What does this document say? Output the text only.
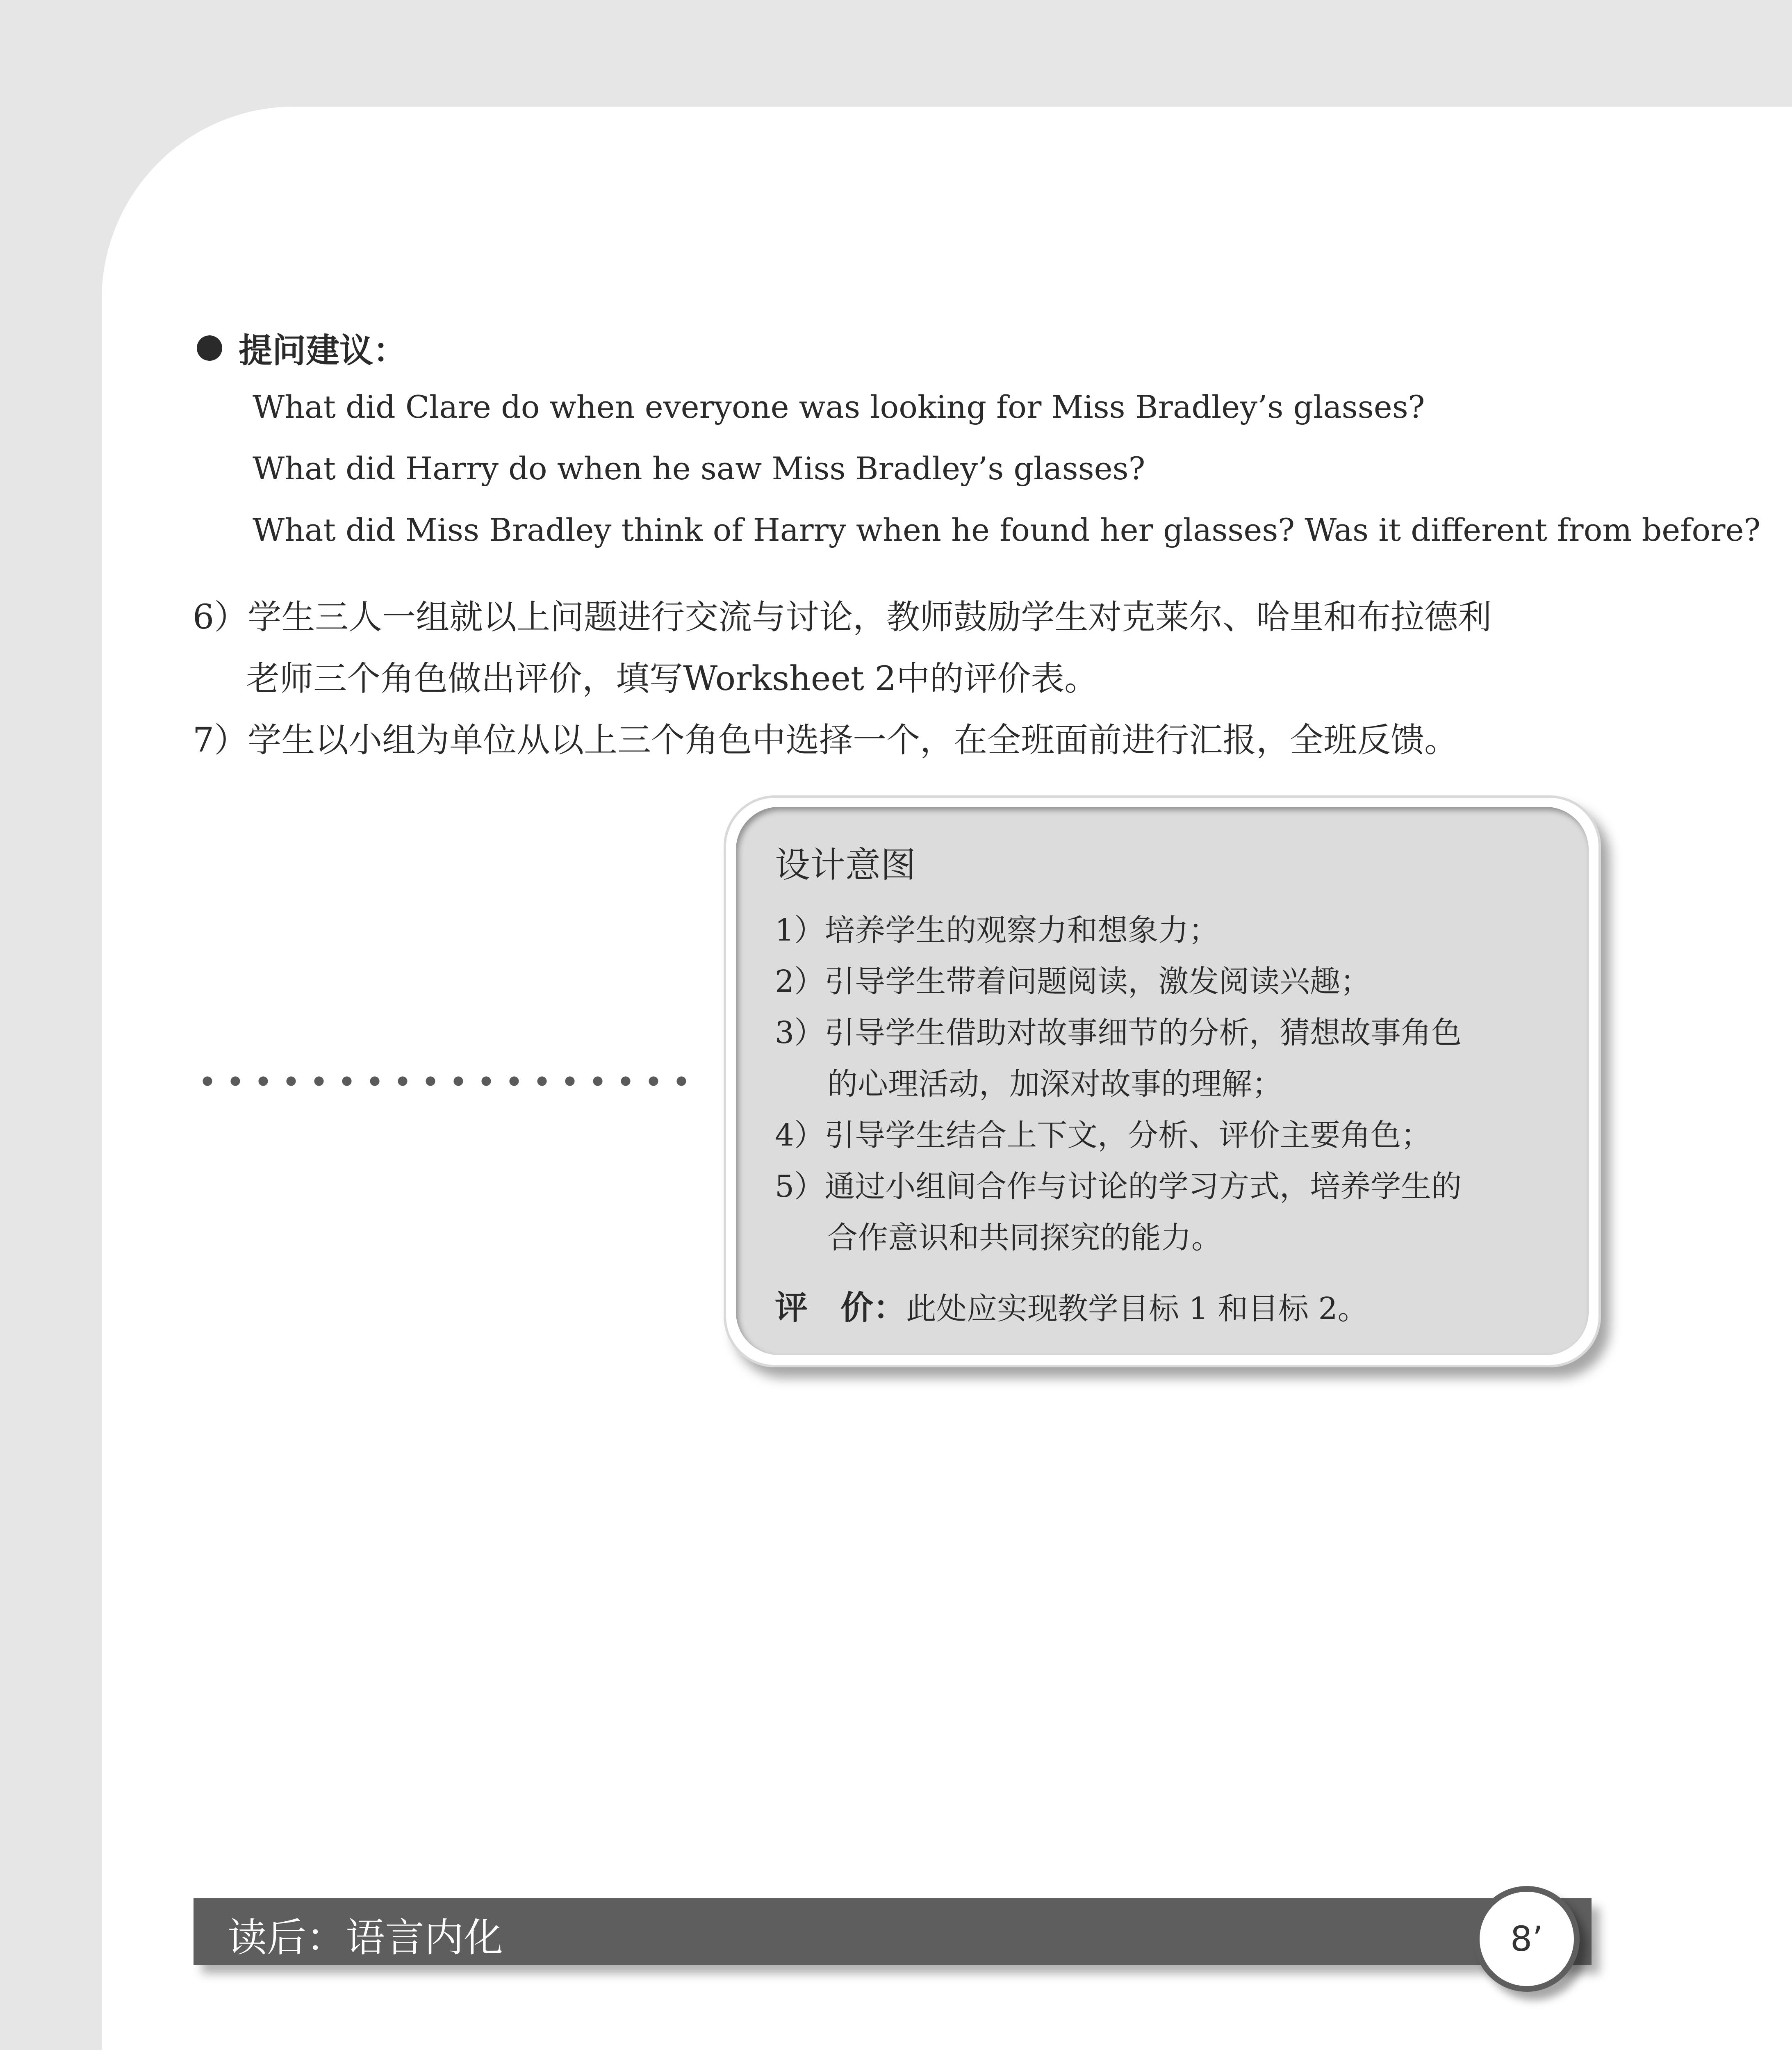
提问建议：
What did Clare do when everyone was looking for Miss Bradley’s glasses?
What did Harry do when he saw Miss Bradley’s glasses?
What did Miss Bradley think of Harry when he found her glasses? Was it different from before?
6）学生三人一组就以上问题进行交流与讨论，教师鼓励学生对克莱尔、哈里和布拉德利
老师三个角色做出评价，填写Worksheet 2中的评价表。
7）学生以小组为单位从以上三个角色中选择一个，在全班面前进行汇报，全班反馈。
设计意图
1）培养学生的观察力和想象力；
2）引导学生带着问题阅读，激发阅读兴趣；
3）引导学生借助对故事细节的分析，猜想故事角色
的心理活动，加深对故事的理解；
4）引导学生结合上下文，分析、评价主要角色；
5）通过小组间合作与讨论的学习方式，培养学生的
合作意识和共同探究的能力。
评　价：此处应实现教学目标 1 和目标 2。
读后：语言内化	8’
